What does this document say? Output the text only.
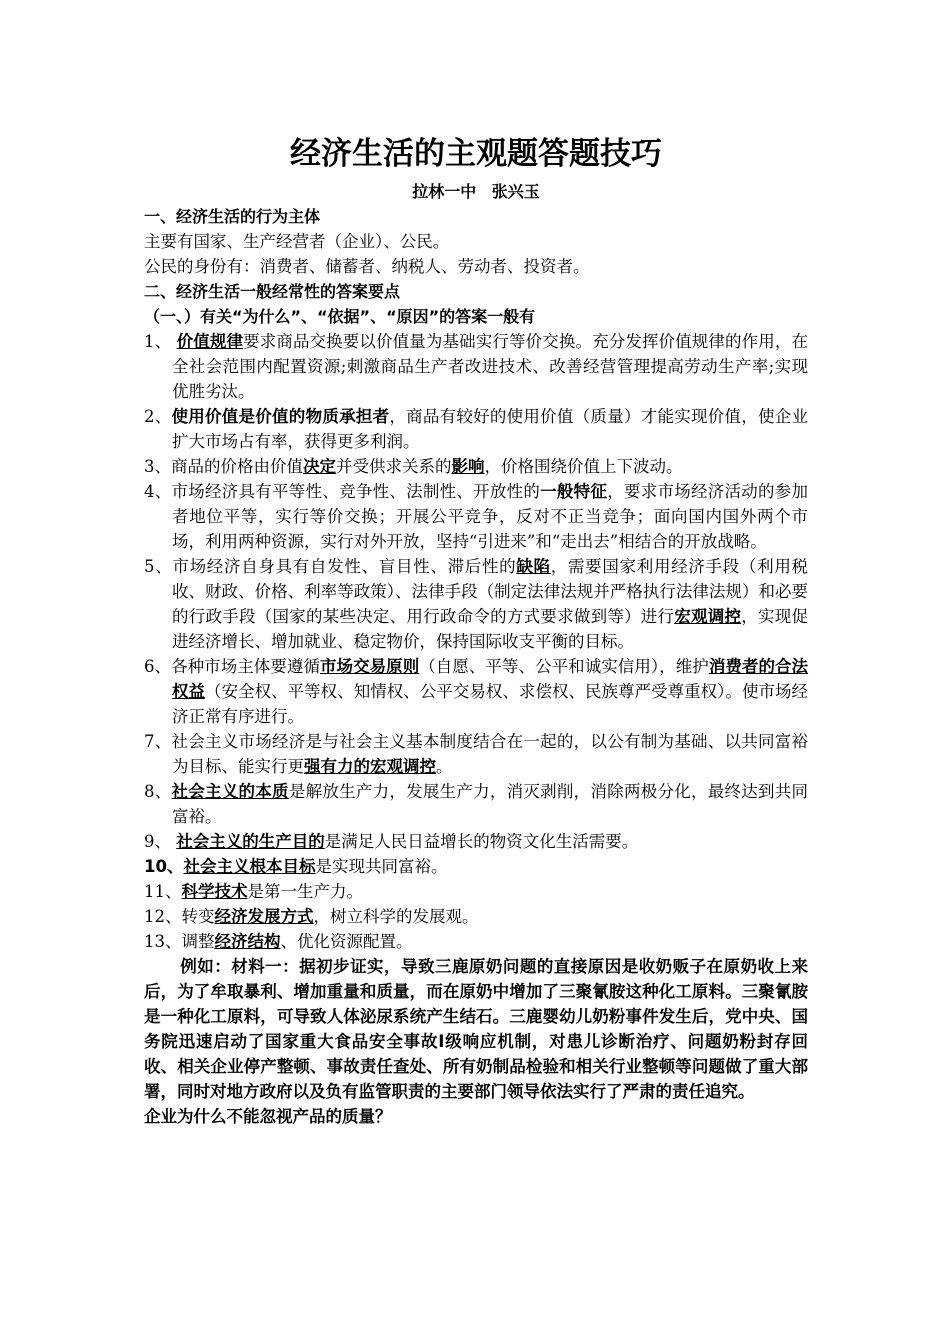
经济生活的主观题答题技巧
拉林一中 张兴玉
一、经济生活的行为主体
主要有国家、生产经营者（企业）、公民。
公民的身份有：消费者、储蓄者、纳税人、劳动者、投资者。
二、经济生活一般经常性的答案要点
（一、）有关“为什么”、“依据”、“原因”的答案一般有
1、 价值规律要求商品交换要以价值量为基础实行等价交换。充分发挥价值规律的作用，在全社会范围内配置资源;刺激商品生产者改进技术、改善经营管理提高劳动生产率;实现优胜劣汰。
2、使用价值是价值的物质承担者，商品有较好的使用价值（质量）才能实现价值，使企业扩大市场占有率，获得更多利润。
3、商品的价格由价值决定并受供求关系的影响，价格围绕价值上下波动。
4、市场经济具有平等性、竞争性、法制性、开放性的一般特征，要求市场经济活动的参加者地位平等，实行等价交换；开展公平竞争，反对不正当竞争；面向国内国外两个市场，利用两种资源，实行对外开放，坚持“引进来”和“走出去”相结合的开放战略。
5、市场经济自身具有自发性、盲目性、滞后性的缺陷，需要国家利用经济手段（利用税收、财政、价格、利率等政策）、法律手段（制定法律法规并严格执行法律法规）和必要的行政手段（国家的某些决定、用行政命令的方式要求做到等）进行宏观调控，实现促进经济增长、增加就业、稳定物价，保持国际收支平衡的目标。
6、各种市场主体要遵循市场交易原则（自愿、平等、公平和诚实信用），维护消费者的合法权益（安全权、平等权、知情权、公平交易权、求偿权、民族尊严受尊重权）。使市场经济正常有序进行。
7、社会主义市场经济是与社会主义基本制度结合在一起的，以公有制为基础、以共同富裕为目标、能实行更强有力的宏观调控。
8、社会主义的本质是解放生产力，发展生产力，消灭剥削，消除两极分化，最终达到共同富裕。
9、 社会主义的生产目的是满足人民日益增长的物资文化生活需要。
10、社会主义根本目标是实现共同富裕。
11、科学技术是第一生产力。
12、转变经济发展方式，树立科学的发展观。
13、调整经济结构、优化资源配置。
例如：材料一：据初步证实，导致三鹿原奶问题的直接原因是收奶贩子在原奶收上来后，为了牟取暴利、增加重量和质量，而在原奶中增加了三聚氰胺这种化工原料。三聚氰胺是一种化工原料，可导致人体泌尿系统产生结石。三鹿婴幼儿奶粉事件发生后，党中央、国务院迅速启动了国家重大食品安全事故Ⅰ级响应机制，对患儿诊断治疗、问题奶粉封存回收、相关企业停产整顿、事故责任查处、所有奶制品检验和相关行业整顿等问题做了重大部署，同时对地方政府以及负有监管职责的主要部门领导依法实行了严肃的责任追究。
企业为什么不能忽视产品的质量？
